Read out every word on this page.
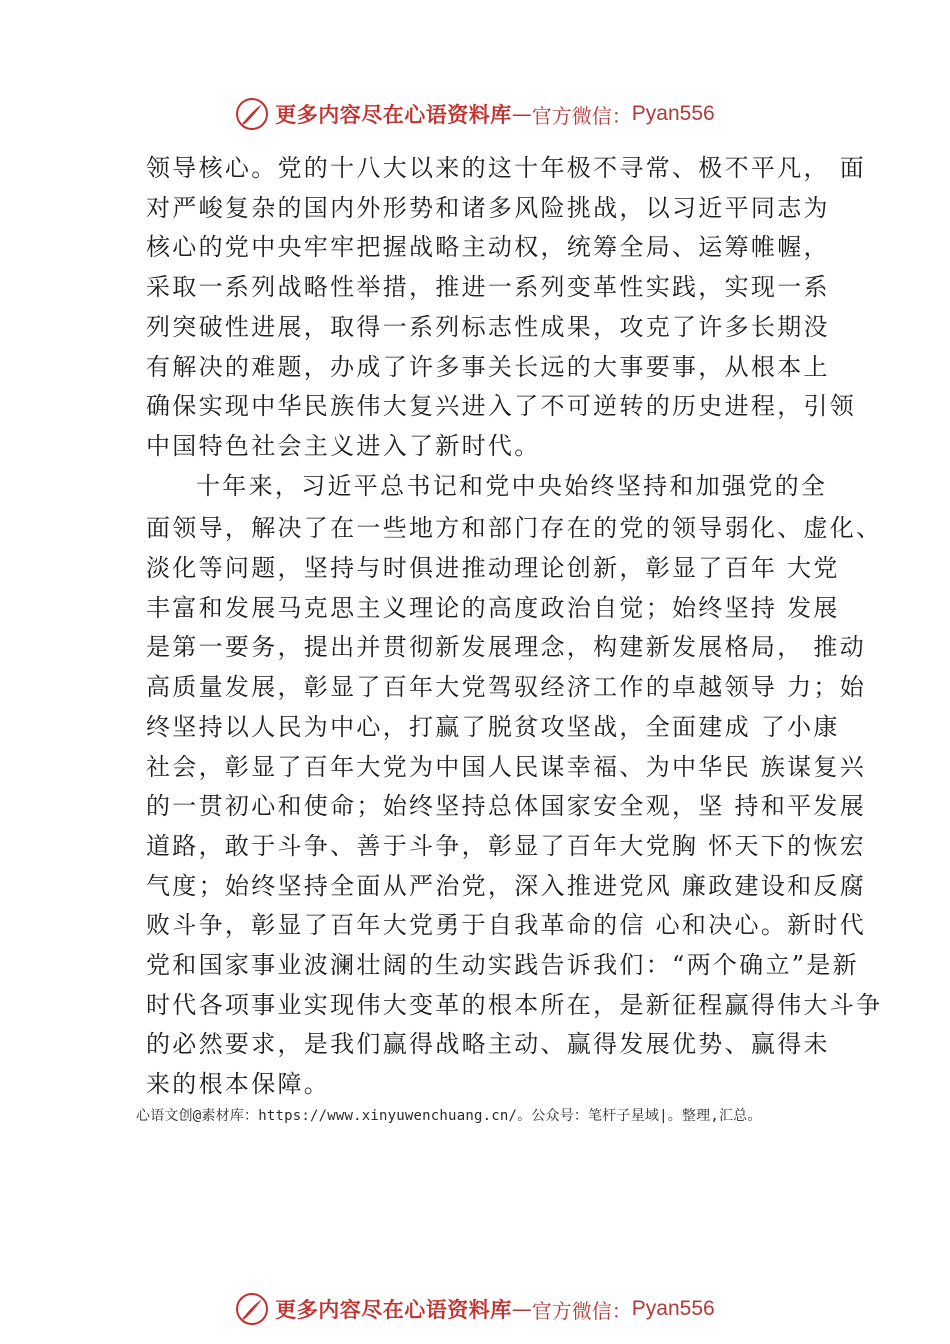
更多内容尽在心语资料库 — 官方微信： Pyan556
领导核心。党的十八大以来的这十年极不寻常、极不平凡， 面
对严峻复杂的国内外形势和诸多风险挑战，以习近平同志为
核心的党中央牢牢把握战略主动权，统筹全局、运筹帷幄，
采取一系列战略性举措，推进一系列变革性实践，实现一系
列突破性进展，取得一系列标志性成果，攻克了许多长期没
有解决的难题，办成了许多事关长远的大事要事，从根本上
确保实现中华民族伟大复兴进入了不可逆转的历史进程，引领
中国特色社会主义进入了新时代。
十年来，习近平总书记和党中央始终坚持和加强党的全
面领导，解决了在一些地方和部门存在的党的领导弱化、虚化、
淡化等问题，坚持与时俱进推动理论创新，彰显了百年 大党
丰富和发展马克思主义理论的高度政治自觉；始终坚持 发展
是第一要务，提出并贯彻新发展理念，构建新发展格局， 推动
高质量发展，彰显了百年大党驾驭经济工作的卓越领导 力；始
终坚持以人民为中心，打赢了脱贫攻坚战，全面建成 了小康
社会，彰显了百年大党为中国人民谋幸福、为中华民 族谋复兴
的一贯初心和使命；始终坚持总体国家安全观，坚 持和平发展
道路，敢于斗争、善于斗争，彰显了百年大党胸 怀天下的恢宏
气度；始终坚持全面从严治党，深入推进党风 廉政建设和反腐
败斗争，彰显了百年大党勇于自我革命的信 心和决心。新时代
党和国家事业波澜壮阔的生动实践告诉我们：“两个确立”是新
时代各项事业实现伟大变革的根本所在，是新征程赢得伟大斗争
的必然要求，是我们赢得战略主动、赢得发展优势、赢得未
来的根本保障。
心语文创@素材库：https://www.xinyuwenchuang.cn/。公众号：笔杆子星域|。整理,汇总。
更多内容尽在心语资料库 — 官方微信： Pyan556
